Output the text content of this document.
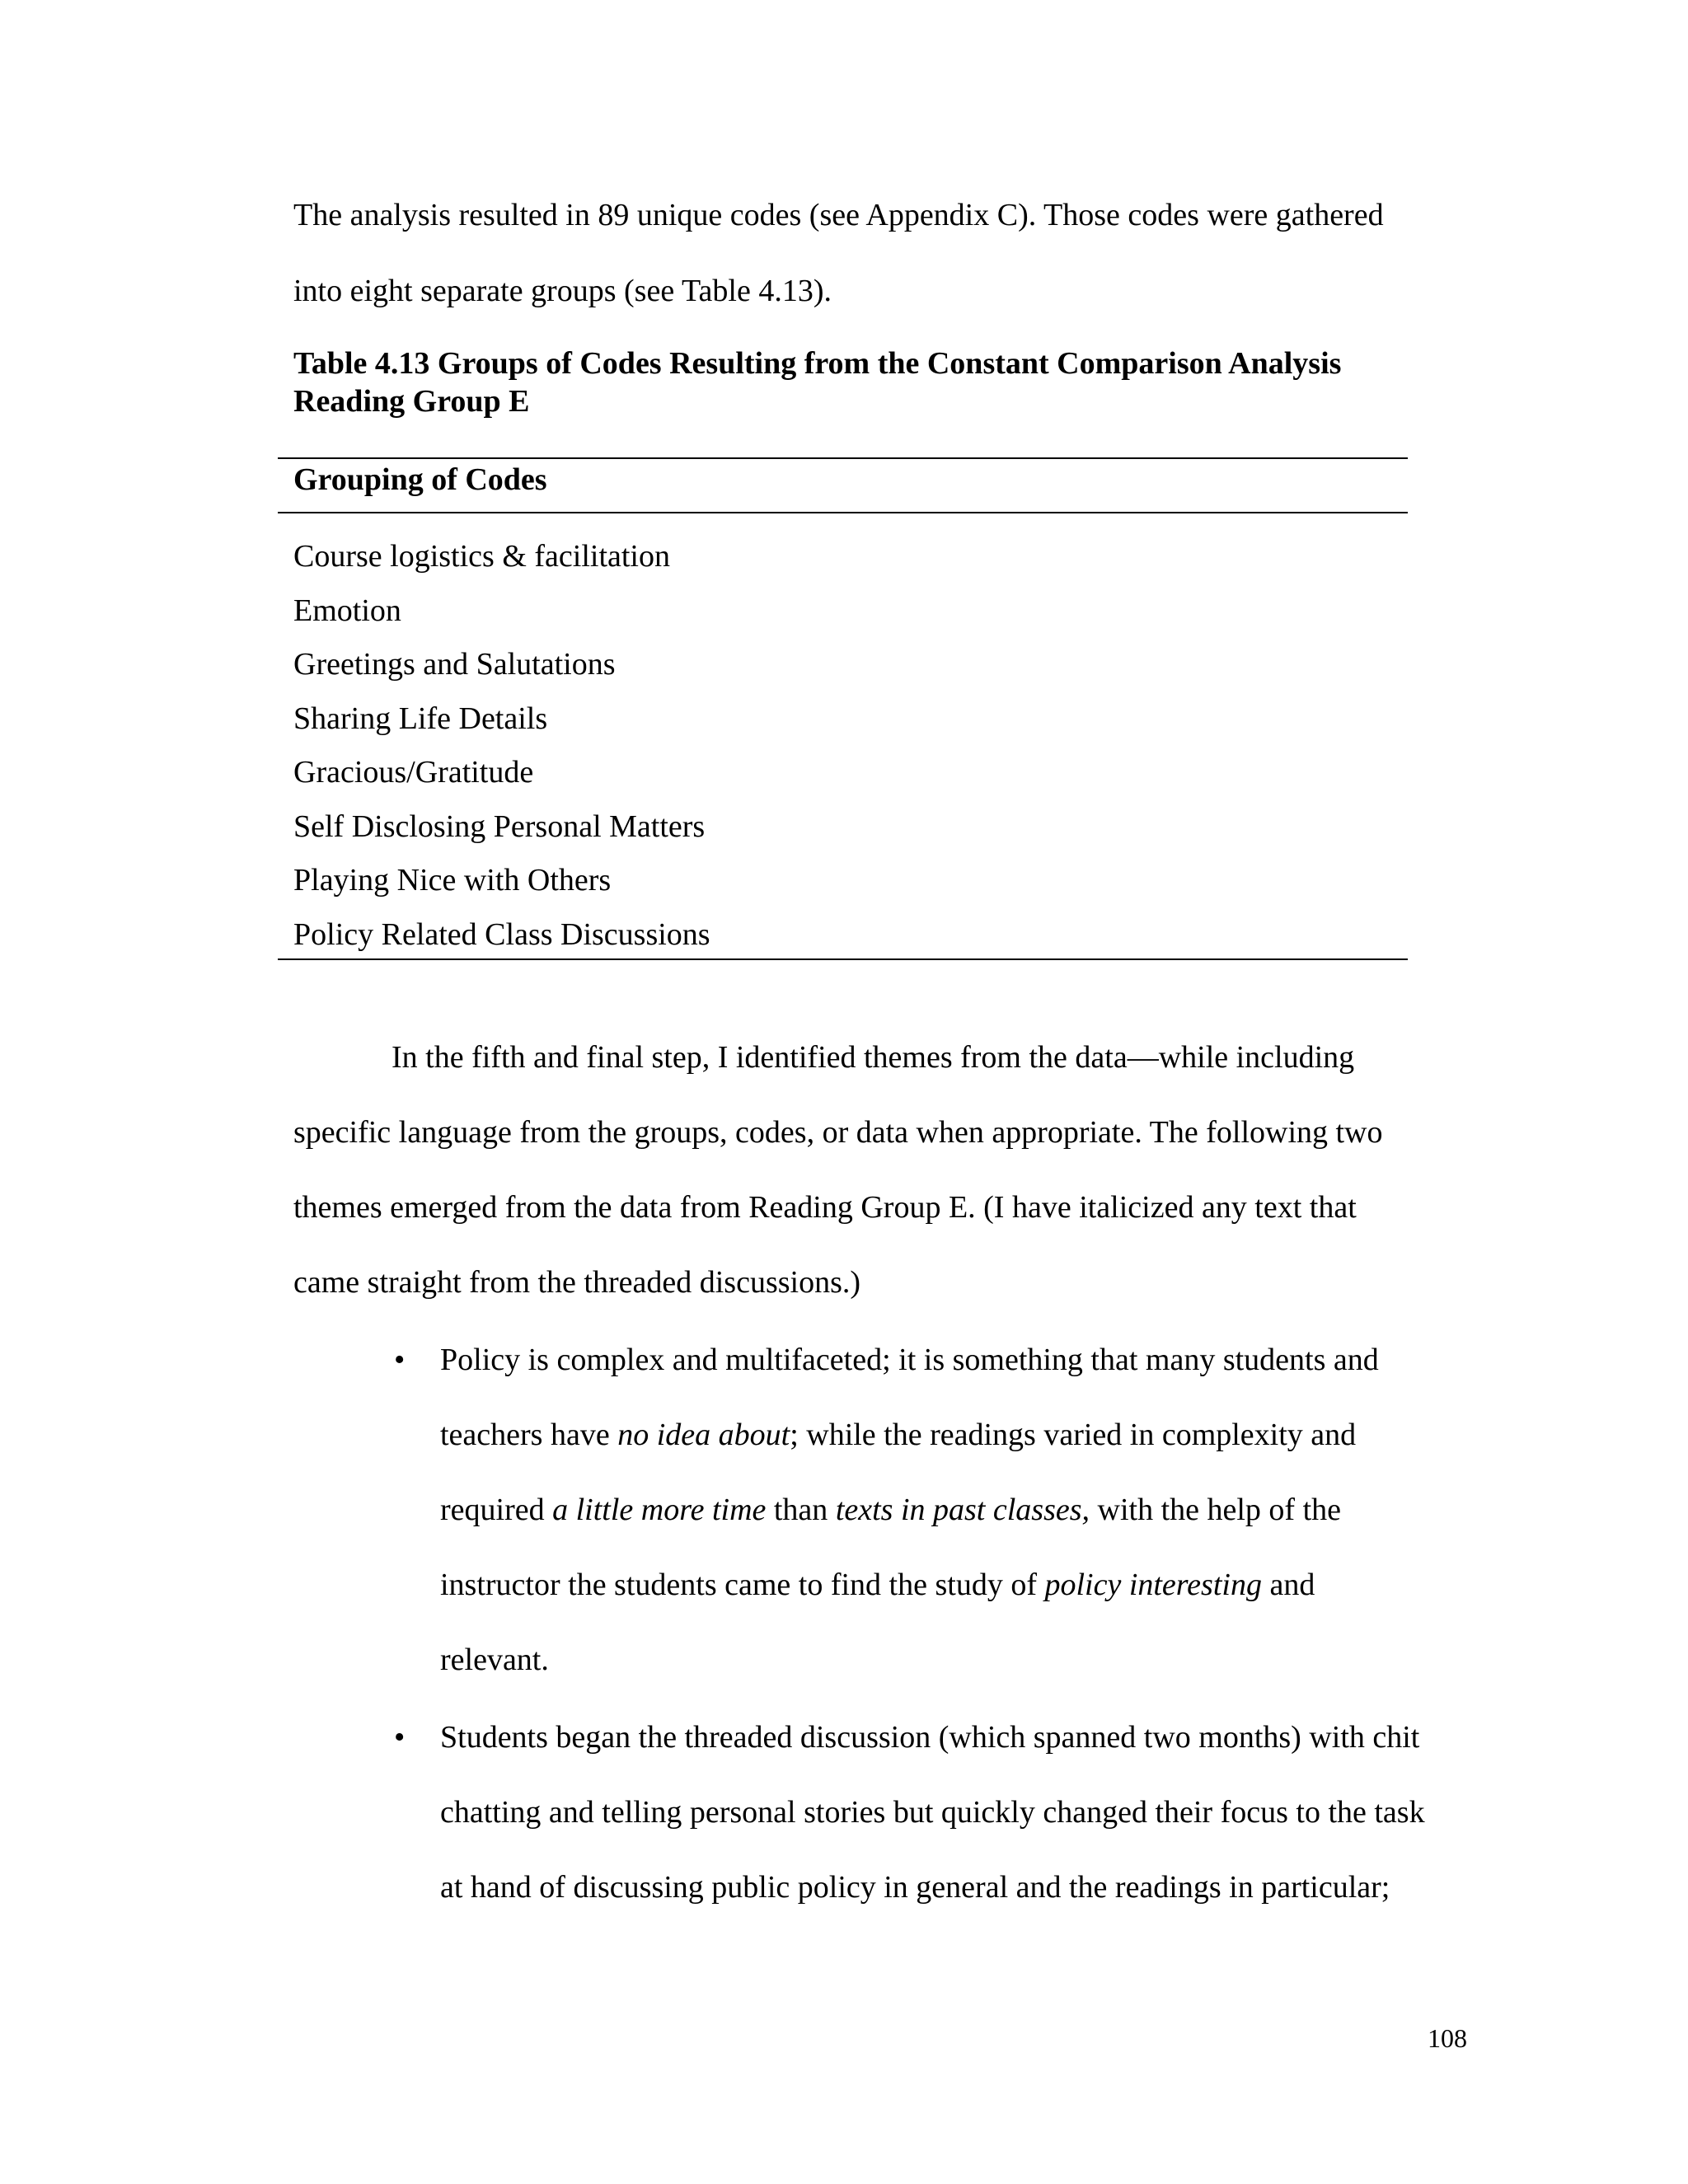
The analysis resulted in 89 unique codes (see Appendix C). Those codes were gathered
into eight separate groups (see Table 4.13).
Table 4.13 Groups of Codes Resulting from the Constant Comparison Analysis
Reading Group E
Grouping of Codes
Course logistics & facilitation
Emotion
Greetings and Salutations
Sharing Life Details
Gracious/Gratitude
Self Disclosing Personal Matters
Playing Nice with Others
Policy Related Class Discussions
In the fifth and final step, I identified themes from the data—while including
specific language from the groups, codes, or data when appropriate. The following two
themes emerged from the data from Reading Group E. (I have italicized any text that
came straight from the threaded discussions.)
• Policy is complex and multifaceted; it is something that many students and
teachers have no idea about; while the readings varied in complexity and
required a little more time than texts in past classes, with the help of the
instructor the students came to find the study of policy interesting and
relevant.
• Students began the threaded discussion (which spanned two months) with chit
chatting and telling personal stories but quickly changed their focus to the task
at hand of discussing public policy in general and the readings in particular;
108
